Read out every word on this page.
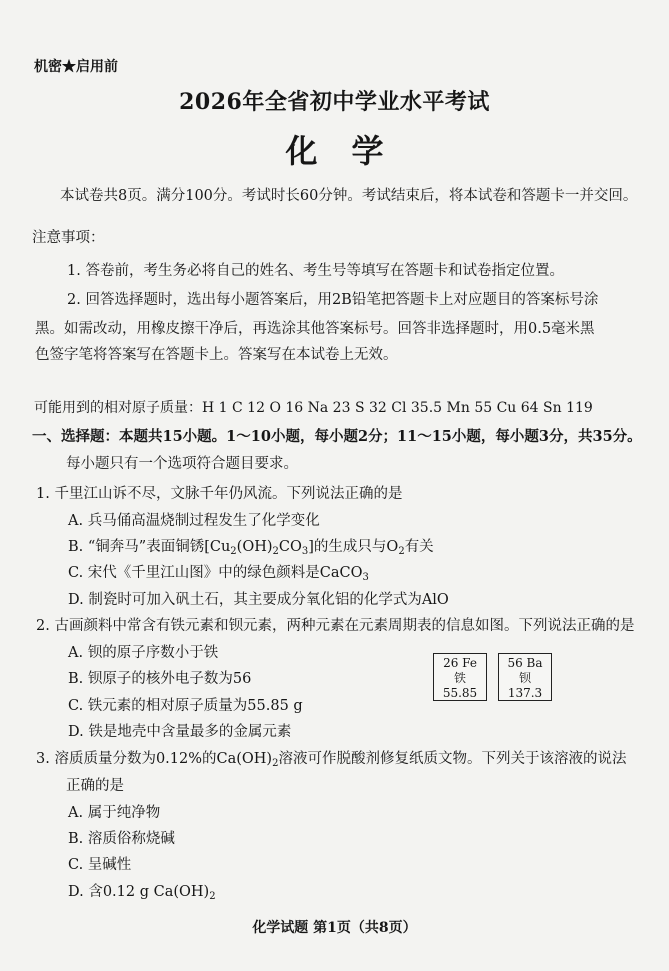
机密★启用前
2026年全省初中学业水平考试
化学
本试卷共8页。满分100分。考试时长60分钟。考试结束后，将本试卷和答题卡一并交回。
注意事项：
1. 答卷前，考生务必将自己的姓名、考生号等填写在答题卡和试卷指定位置。
2. 回答选择题时，选出每小题答案后，用2B铅笔把答题卡上对应题目的答案标号涂
黑。如需改动，用橡皮擦干净后，再选涂其他答案标号。回答非选择题时，用0.5毫米黑
色签字笔将答案写在答题卡上。答案写在本试卷上无效。
可能用到的相对原子质量：H 1 C 12 O 16 Na 23 S 32 Cl 35.5 Mn 55 Cu 64 Sn 119
一、选择题：本题共15小题。1～10小题，每小题2分；11～15小题，每小题3分，共35分。
每小题只有一个选项符合题目要求。
1. 千里江山诉不尽，文脉千年仍风流。下列说法正确的是
A. 兵马俑高温烧制过程发生了化学变化
B. “铜奔马”表面铜锈$[Cu_2(OH)_2CO_3]$的生成只与$O_2$有关
C. 宋代《千里江山图》中的绿色颜料是CaCO$_3$
D. 制瓷时可加入矾土石，其主要成分氧化铝的化学式为AlO
2. 古画颜料中常含有铁元素和钡元素，两种元素在元素周期表的信息如图。下列说法正确的是
A. 钡的原子序数小于铁
B. 钡原子的核外电子数为56
C. 铁元素的相对原子质量为55.85 g
D. 铁是地壳中含量最多的金属元素
26 Fe
铁
55.85
56 Ba
钡
137.3
3. 溶质质量分数为0.12%的$Ca(OH)_2$溶液可作脱酸剂修复纸质文物。下列关于该溶液的说法
正确的是
A. 属于纯净物
B. 溶质俗称烧碱
C. 呈碱性
D. 含0.12 g $Ca(OH)_2$
化学试题 第1页（共8页）
